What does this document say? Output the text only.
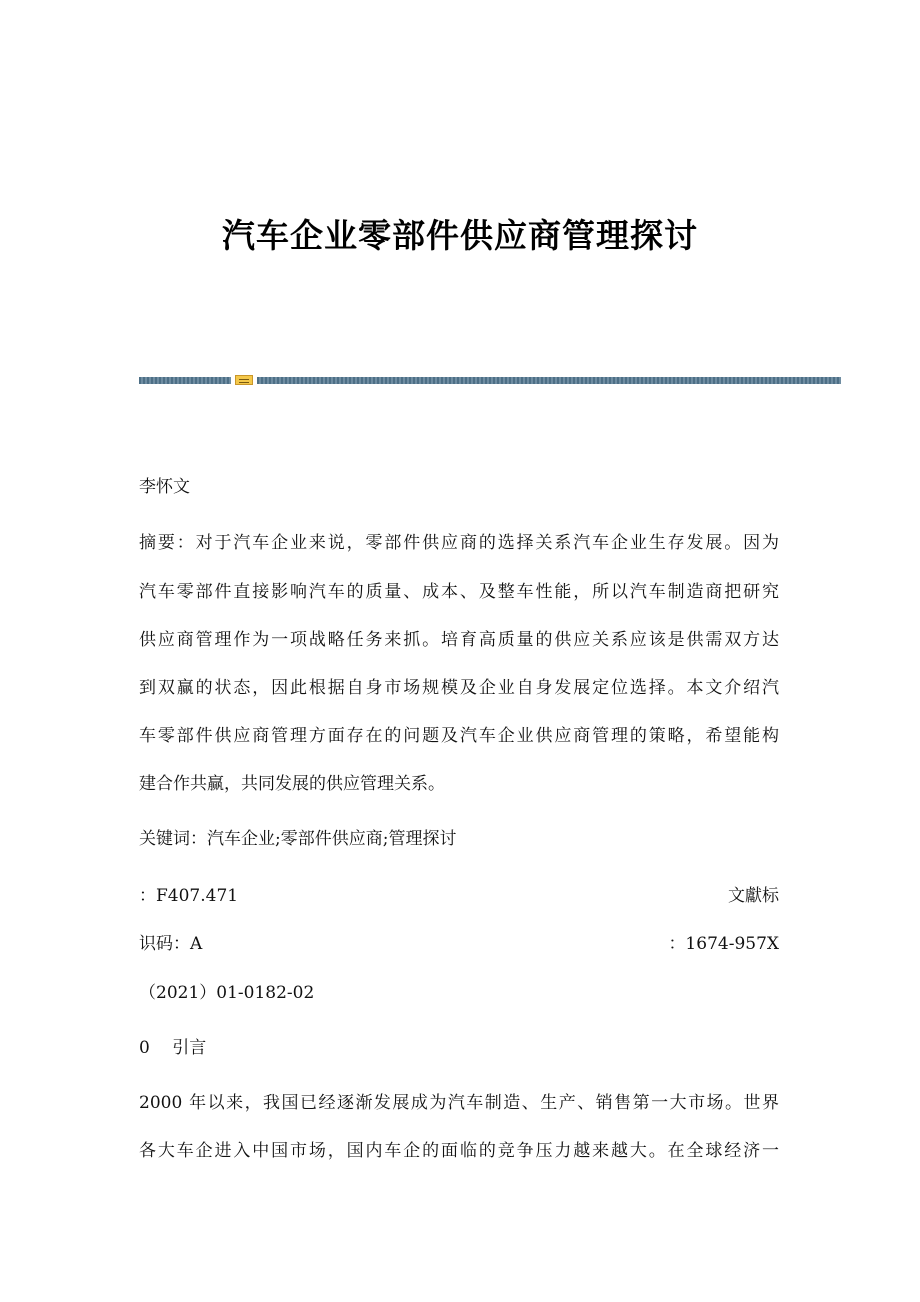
汽车企业零部件供应商管理探讨
李怀文
摘要：对于汽车企业来说，零部件供应商的选择关系汽车企业生存发展。因为
汽车零部件直接影响汽车的质量、成本、及整车性能，所以汽车制造商把研究
供应商管理作为一项战略任务来抓。培育高质量的供应关系应该是供需双方达
到双赢的状态，因此根据自身市场规模及企业自身发展定位选择。本文介绍汽
车零部件供应商管理方面存在的问题及汽车企业供应商管理的策略，希望能构
建合作共赢，共同发展的供应管理关系。
关键词：汽车企业;零部件供应商;管理探讨
：F407.471	文獻标
识码：A	：1674-957X
（2021）01-0182-02
0　 引言
2000 年以来，我国已经逐渐发展成为汽车制造、生产、销售第一大市场。世界
各大车企进入中国市场，国内车企的面临的竞争压力越来越大。在全球经济一
